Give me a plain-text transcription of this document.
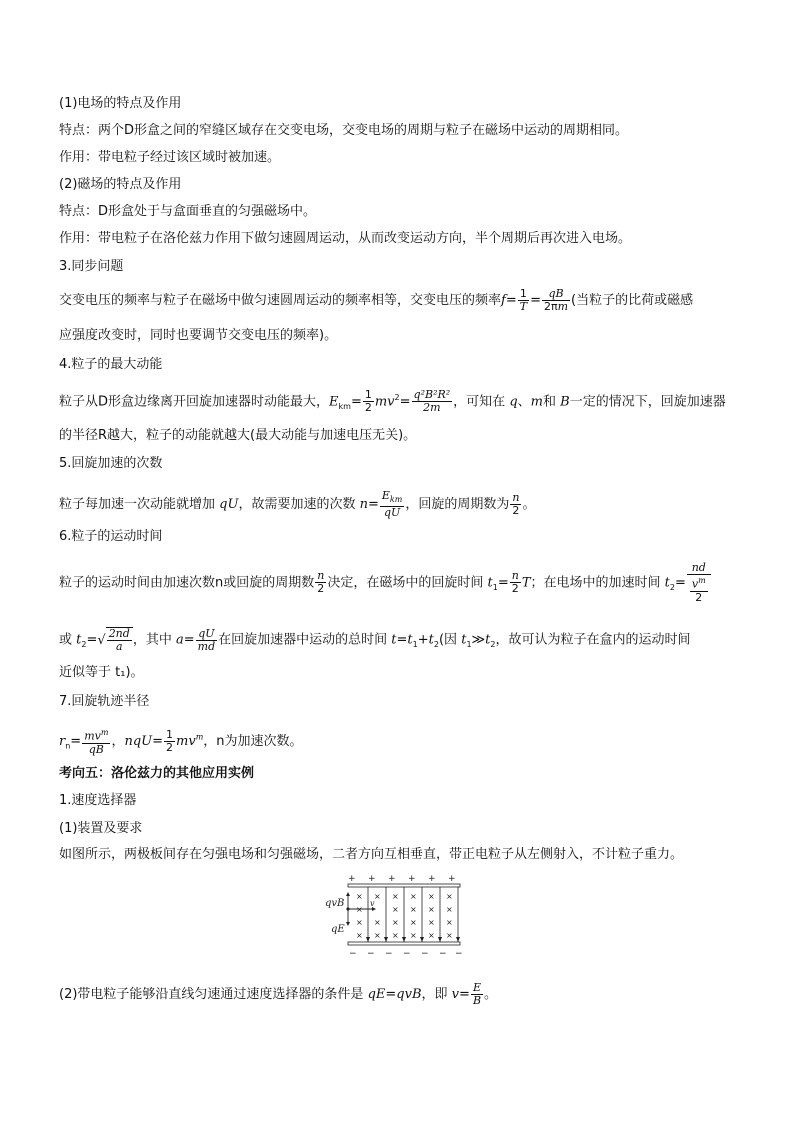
(1)电场的特点及作用
特点：两个D形盒之间的窄缝区域存在交变电场，交变电场的周期与粒子在磁场中运动的周期相同。
作用：带电粒子经过该区域时被加速。
(2)磁场的特点及作用
特点：D形盒处于与盒面垂直的匀强磁场中。
作用：带电粒子在洛伦兹力作用下做匀速圆周运动，从而改变运动方向，半个周期后再次进入电场。
3.同步问题
交变电压的频率与粒子在磁场中做匀速圆周运动的频率相等，交变电压的频率$f= \frac{1}{T} = \frac{qB}{2\pi m}$ (当粒子的比荷或磁感
应强度改变时，同时也要调节交变电压的频率)。
4.粒子的最大动能
粒子从D形盒边缘离开回旋加速器时动能最大，$E_{km}= \frac{1}{2} mv^2= \frac{\text{q²B²R²}}{2m}$ ，可知在 q、m和 B一定的情况下，回旋加速器
的半径R越大，粒子的动能就越大(最大动能与加速电压无关)。
5.回旋加速的次数
粒子每加速一次动能就增加 qU，故需要加速的次数 $n= \frac{E_{km}}{qU}$ ，回旋的周期数为 $\frac{n}{2}$ 。
6.粒子的运动时间
粒子的运动时间由加速次数n或回旋的周期数 $\frac{n}{2}$ 决定，在磁场中的回旋时间 $t_1= \frac{n}{2}$ T；在电场中的加速时间 $t_2= \frac{nd}{\frac{v^m}{2}}$
或 $t_2=√ \frac{2nd}{a}$ ，其中 $a= \frac{qU}{md}$ 在回旋加速器中运动的总时间 $t=t_1+t_2$(因 $t_1≫t_2$，故可认为粒子在盒内的运动时间
近似等于 t₁)。
7.回旋轨迹半径
$r_n= \frac{mv^m}{qB}$ ，$nqU= \frac{1}{2} mv^m$，n为加速次数。
考向五：洛伦兹力的其他应用实例
1.速度选择器
(1)装置及要求
如图所示，两极板间存在匀强电场和匀强磁场，二者方向互相垂直，带正电粒子从左侧射入，不计粒子重力。
+ + + + + +
× × × × × ×
×	× × × ×
× × × × × ×
× × × × × ×
qvB
qE
v
− − − − − − −
(2)带电粒子能够沿直线匀速通过速度选择器的条件是 qE=qvB，即 $v= \frac{E}{B}$ 。
